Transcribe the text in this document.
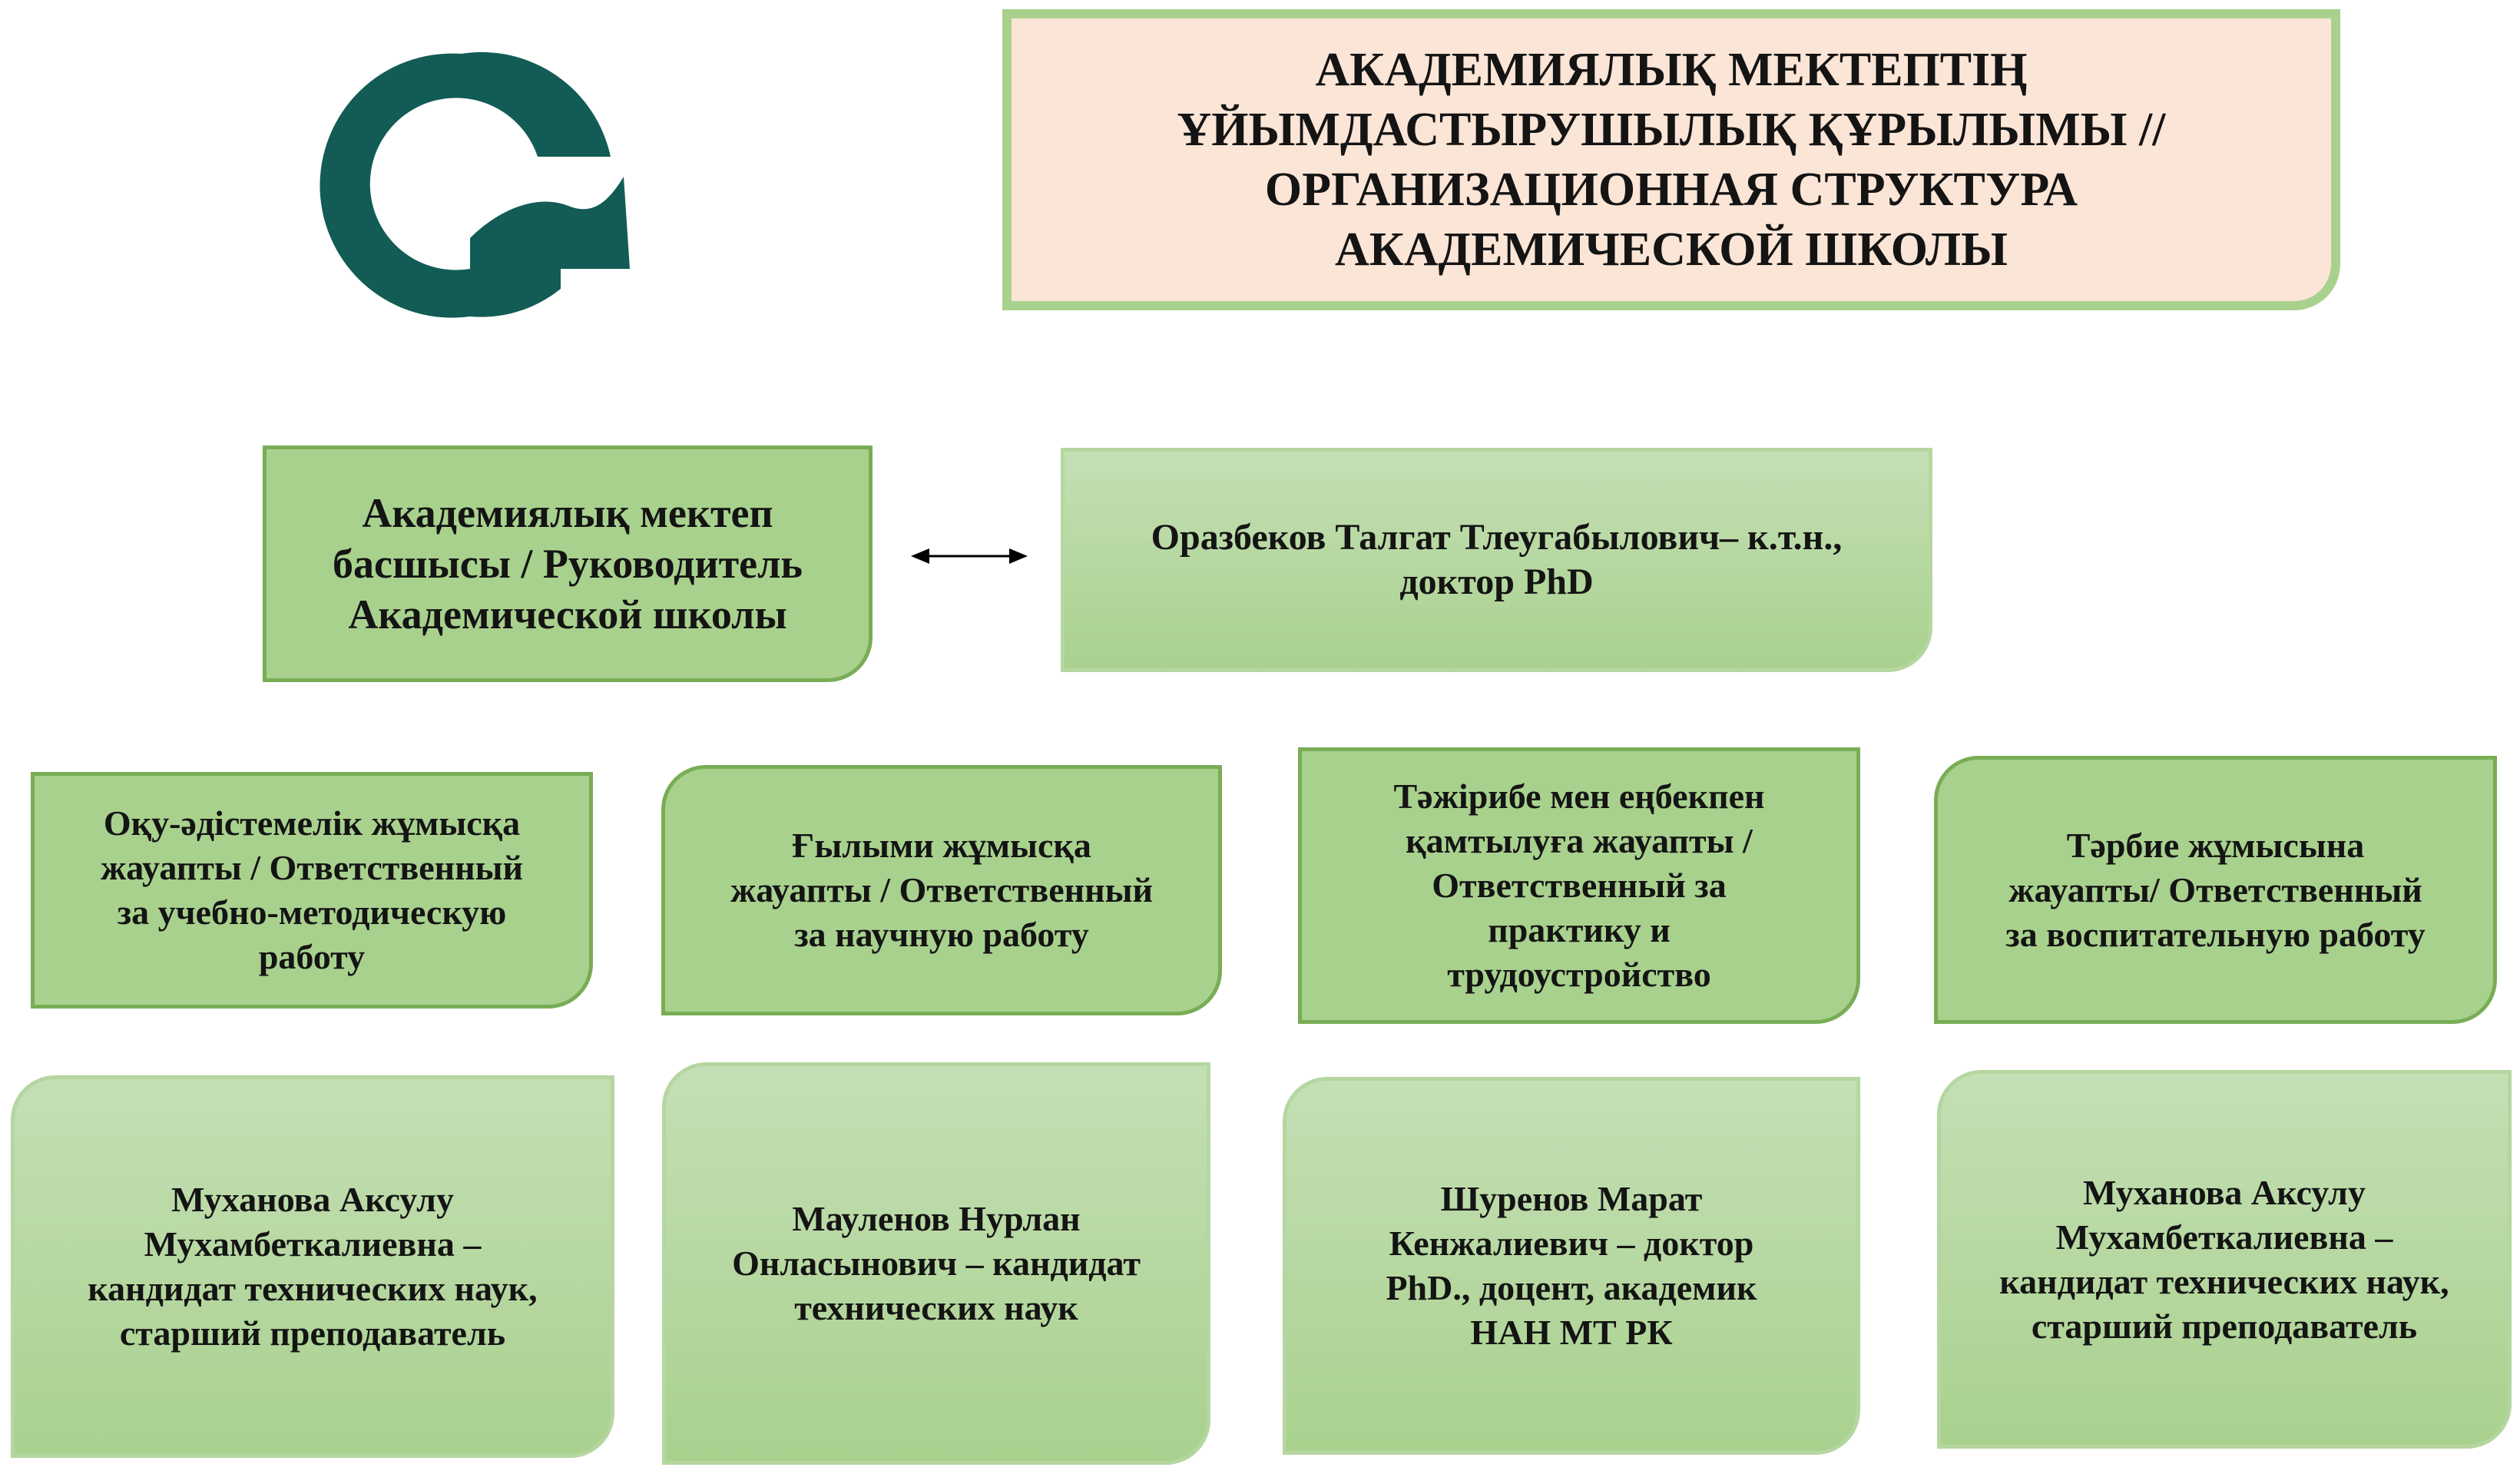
est ı
АКАДЕМИЯЛЫҚ МЕКТЕПТІҢ
ҰЙЫМДАСТЫРУШЫЛЫҚ ҚҰРЫЛЫМЫ //
ОРГАНИЗАЦИОННАЯ СТРУКТУРА
АКАДЕМИЧЕСКОЙ ШКОЛЫ
Академиялық мектеп
басшысы / Руководитель
Академической школы
Оразбеков Талгат Тлеугабылович– к.т.н.,
доктор PhD
Оқу-әдістемелік жұмысқа
жауапты / Ответственный
за учебно-методическую
работу
Ғылыми жұмысқа
жауапты / Ответственный
за научную работу
Тәжірибе мен еңбекпен
қамтылуға жауапты /
Ответственный за
практику и
трудоустройство
Тәрбие жұмысына
жауапты/ Ответственный
за воспитательную работу
Муханова Аксулу
Мухамбеткалиевна –
кандидат технических наук,
старший преподаватель
Мауленов Нурлан
Онласынович – кандидат
технических наук
Шуренов Марат
Кенжалиевич – доктор
PhD., доцент, академик
НАН МТ РК
Муханова Аксулу
Мухамбеткалиевна –
кандидат технических наук,
старший преподаватель
